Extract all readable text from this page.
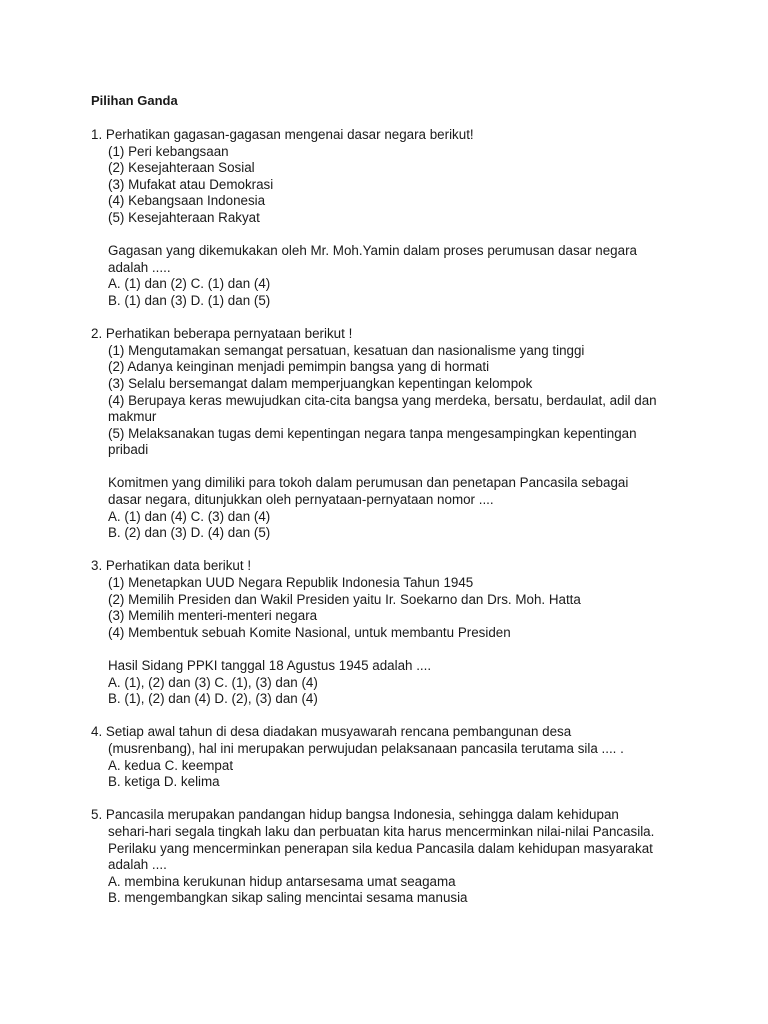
Pilihan Ganda
1. Perhatikan gagasan-gagasan mengenai dasar negara berikut!
(1) Peri kebangsaan
(2) Kesejahteraan Sosial
(3) Mufakat atau Demokrasi
(4) Kebangsaan Indonesia
(5) Kesejahteraan Rakyat
Gagasan yang dikemukakan oleh Mr. Moh.Yamin dalam proses perumusan dasar negara
adalah .....
A. (1) dan (2) C. (1) dan (4)
B. (1) dan (3) D. (1) dan (5)
2. Perhatikan beberapa pernyataan berikut !
(1) Mengutamakan semangat persatuan, kesatuan dan nasionalisme yang tinggi
(2) Adanya keinginan menjadi pemimpin bangsa yang di hormati
(3) Selalu bersemangat dalam memperjuangkan kepentingan kelompok
(4) Berupaya keras mewujudkan cita-cita bangsa yang merdeka, bersatu, berdaulat, adil dan
makmur
(5) Melaksanakan tugas demi kepentingan negara tanpa mengesampingkan kepentingan
pribadi
Komitmen yang dimiliki para tokoh dalam perumusan dan penetapan Pancasila sebagai
dasar negara, ditunjukkan oleh pernyataan-pernyataan nomor ....
A. (1) dan (4) C. (3) dan (4)
B. (2) dan (3) D. (4) dan (5)
3. Perhatikan data berikut !
(1) Menetapkan UUD Negara Republik Indonesia Tahun 1945
(2) Memilih Presiden dan Wakil Presiden yaitu Ir. Soekarno dan Drs. Moh. Hatta
(3) Memilih menteri-menteri negara
(4) Membentuk sebuah Komite Nasional, untuk membantu Presiden
Hasil Sidang PPKI tanggal 18 Agustus 1945 adalah ....
A. (1), (2) dan (3) C. (1), (3) dan (4)
B. (1), (2) dan (4) D. (2), (3) dan (4)
4. Setiap awal tahun di desa diadakan musyawarah rencana pembangunan desa
(musrenbang), hal ini merupakan perwujudan pelaksanaan pancasila terutama sila .... .
A. kedua C. keempat
B. ketiga D. kelima
5. Pancasila merupakan pandangan hidup bangsa Indonesia, sehingga dalam kehidupan
sehari-hari segala tingkah laku dan perbuatan kita harus mencerminkan nilai-nilai Pancasila.
Perilaku yang mencerminkan penerapan sila kedua Pancasila dalam kehidupan masyarakat
adalah ....
A. membina kerukunan hidup antarsesama umat seagama
B. mengembangkan sikap saling mencintai sesama manusia
